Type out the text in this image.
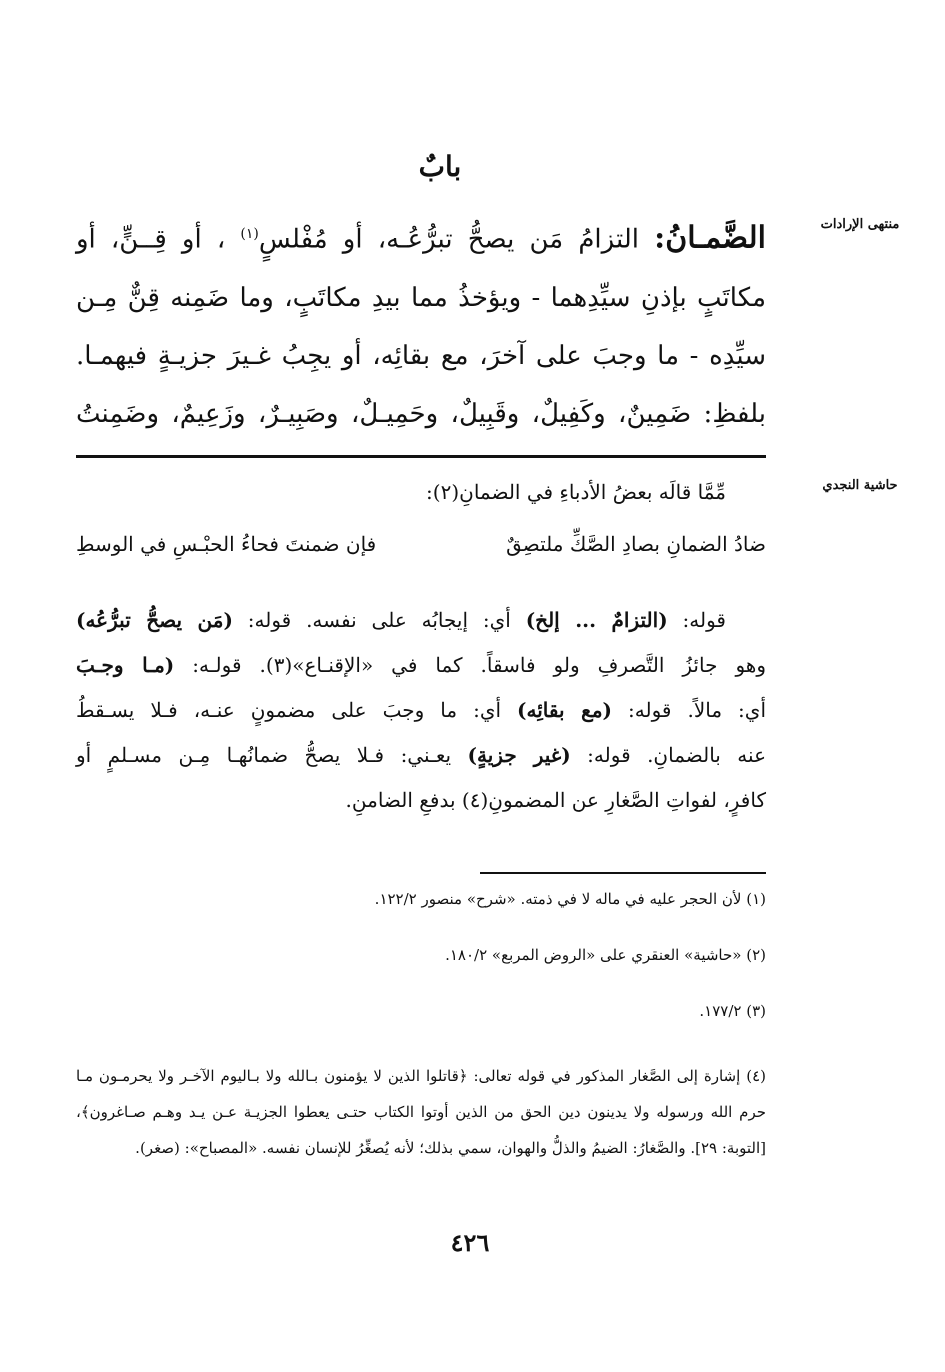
بابٌ
منتهى الإرادات
حاشية النجدي
الضَّمـانُ: التزامُ مَن يصحُّ تبرُّعُـه، أو مُفْلسٍ$^{(١)}$ ، أو قِــنٍّ، أو
مكاتَبٍ بإذنِ سيِّدِهما - ويؤخذُ مما بيدِ مكاتَبٍ، وما ضَمِنه قِنٌّ مِـن
سيِّدِه - ما وجبَ على آخرَ، مع بقائِه، أو يجِبُ غـيرَ جزيـةٍ فيهمـا.
بلفظِ: ضَمِينٌ، وكَفِيلٌ، وقَبِيلٌ، وحَمِيـلٌ، وصَبِيـرٌ، وزَعِيمٌ، وضَمِنتُ
مِّمَّا قالَه بعضُ الأدباءِ في الضمانِ(٢):
ضادُ الضمانِ بصادِ الصَّكِّ ملتصِقٌ
فإن ضمنتَ فحاءُ الحبْـسِ في الوسطِ
قوله: (التزامٌ ... إلخ) أي: إيجابُه على نفسه. قوله: (مَن يصحُّ تبرُّعُه)
وهو جائزُ التَّصرفِ ولو فاسقاً. كما في «الإقنـاع»(٣). قولـه: (مـا وجـبَ
أي: مالاً. قوله: (مع بقائِه) أي: ما وجبَ على مضمونٍ عنـه، فـلا يسـقطُ
عنه بالضمانِ. قوله: (غير جزيةٍ) يعـني: فـلا يصحُّ ضمانُهـا مِـن مسـلمٍ أو
كافرٍ، لفواتِ الصَّغارِ عن المضمونِ(٤) بدفعِ الضامنِ.
(١) لأن الحجر عليه في ماله لا في ذمته. «شرح» منصور ١٢٢/٢.
(٢) «حاشية» العنقري على «الروض المربع» ١٨٠/٢.
(٣) ١٧٧/٢.
(٤) إشارة إلى الصَّغار المذكور في قوله تعالى: ﴿قاتلوا الذين لا يؤمنون بـالله ولا بـاليوم الآخـر ولا يحرمـون مـا حرم الله ورسوله ولا يدينون دين الحق من الذين أوتوا الكتاب حتـى يعطوا الجزيـة عـن يـد وهـم صـاغرون﴾، [التوبة: ٢٩]. والصَّغارُ: الضيمُ والذلُّ والهوان، سمي بذلك؛ لأنه يُصغِّرُ للإنسان نفسه. «المصباح»: (صغر).
٤٢٦
